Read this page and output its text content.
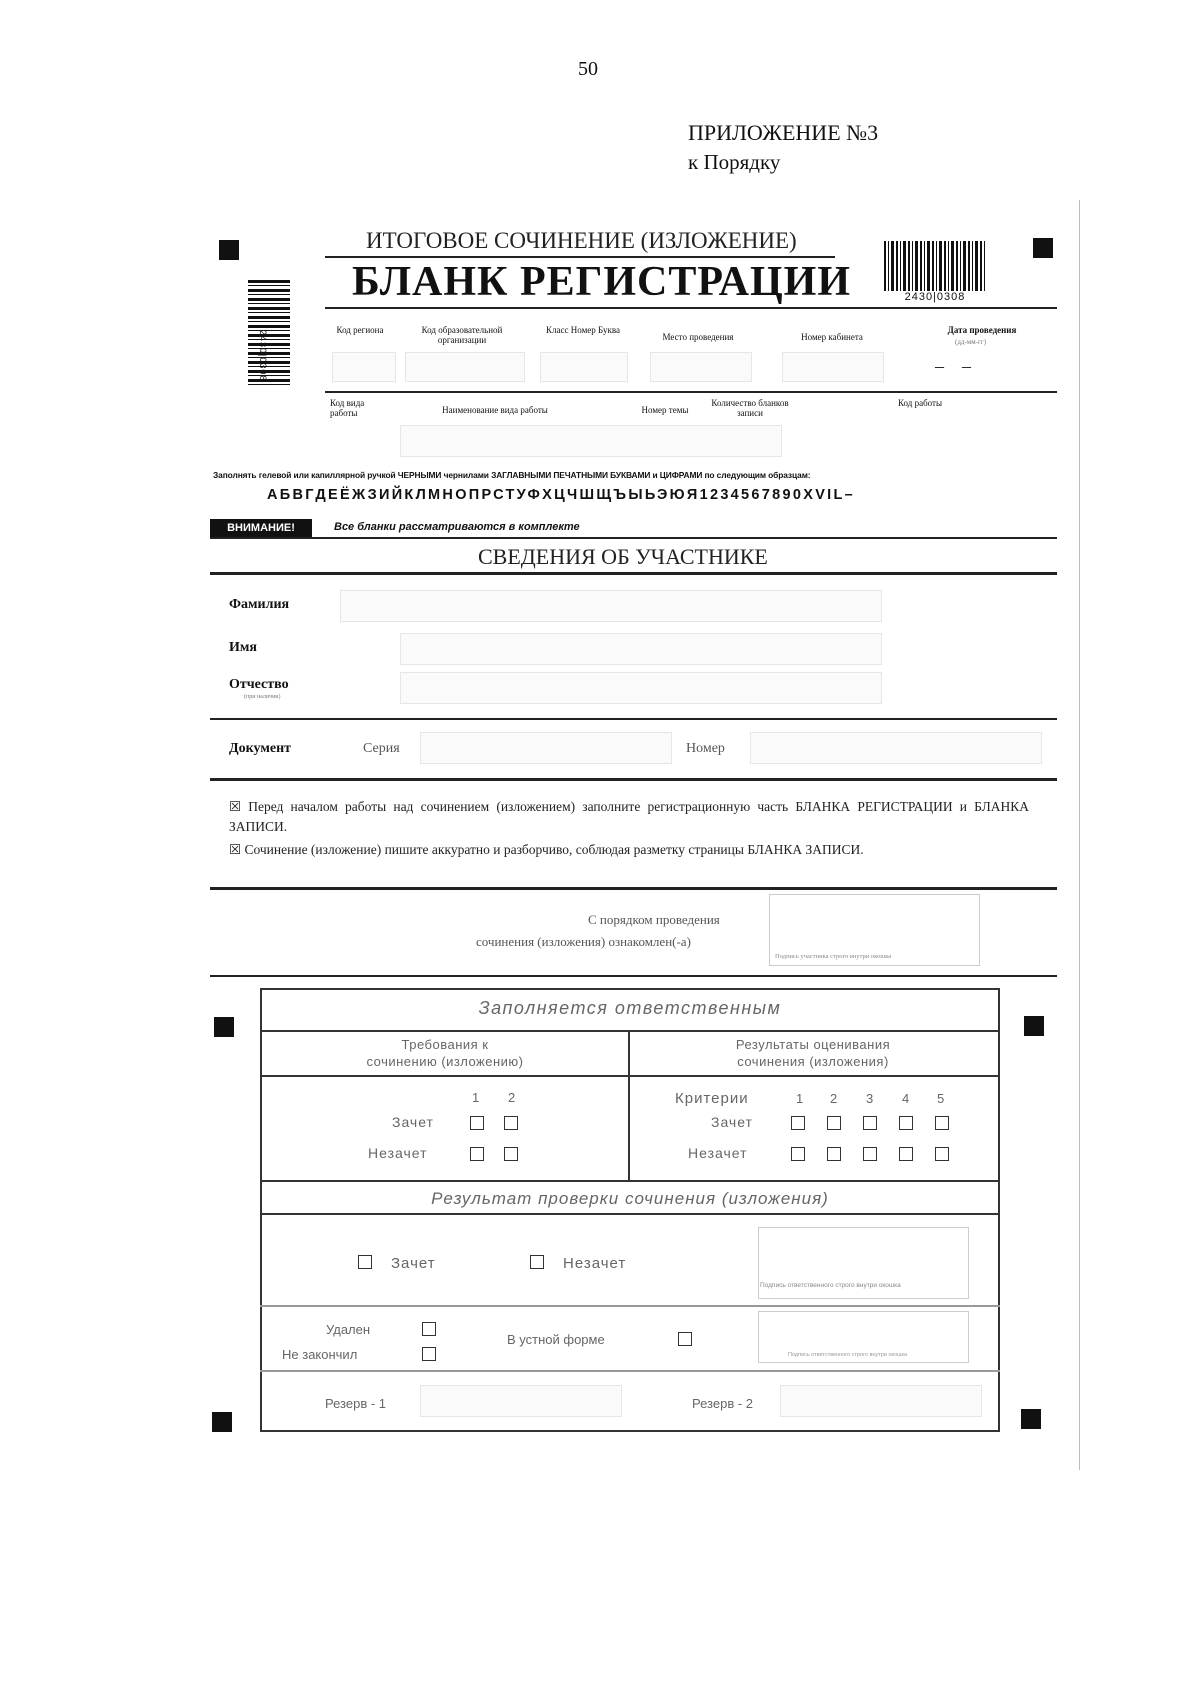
50
ПРИЛОЖЕНИЕ №3
к Порядку
2430|0308
ИТОГОВОЕ СОЧИНЕНИЕ (ИЗЛОЖЕНИЕ)
БЛАНК РЕГИСТРАЦИИ	2430|0308
Код региона	Код образовательной организации
Класс Номер Буква
Место проведения	Номер кабинета
Дата проведения
(дд-мм-гг)
–    –
Код вида работы	Наименование вида работы	Номер темы
Количество бланков записи
Код работы
Заполнять гелевой или капиллярной ручкой ЧЕРНЫМИ чернилами ЗАГЛАВНЫМИ ПЕЧАТНЫМИ БУКВАМИ и ЦИФРАМИ по следующим образцам:
АБВГДЕЁЖЗИЙКЛМНОПРСТУФХЦЧШЩЪЫЬЭЮЯ1234567890XVIL–
ВНИМАНИЕ!	Все бланки рассматриваются в комплекте
СВЕДЕНИЯ ОБ УЧАСТНИКЕ
Фамилия
Имя
Отчество
(при наличии)
Документ	Серия	Номер
☒ Перед началом работы над сочинением (изложением) заполните регистрационную часть БЛАНКА РЕГИСТРАЦИИ и БЛАНКА ЗАПИСИ.
☒ Сочинение (изложение) пишите аккуратно и разборчиво, соблюдая разметку страницы БЛАНКА ЗАПИСИ.
С порядком проведения
сочинения (изложения) ознакомлен(-а)
Подпись участника строго внутри окошка
Заполняется ответственным
Требования к
сочинению (изложению)
Результаты оценивания
сочинения (изложения)
1 2
Зачет
Незачет
Критерии	1 2 3 4 5
Зачет
Незачет
Результат проверки сочинения (изложения)
Зачет	Незачет
Подпись ответственного строго внутри окошка
Удален
Не закончил
В устной форме
Подпись ответственного строго внутри окошка
Резерв - 1	Резерв - 2
